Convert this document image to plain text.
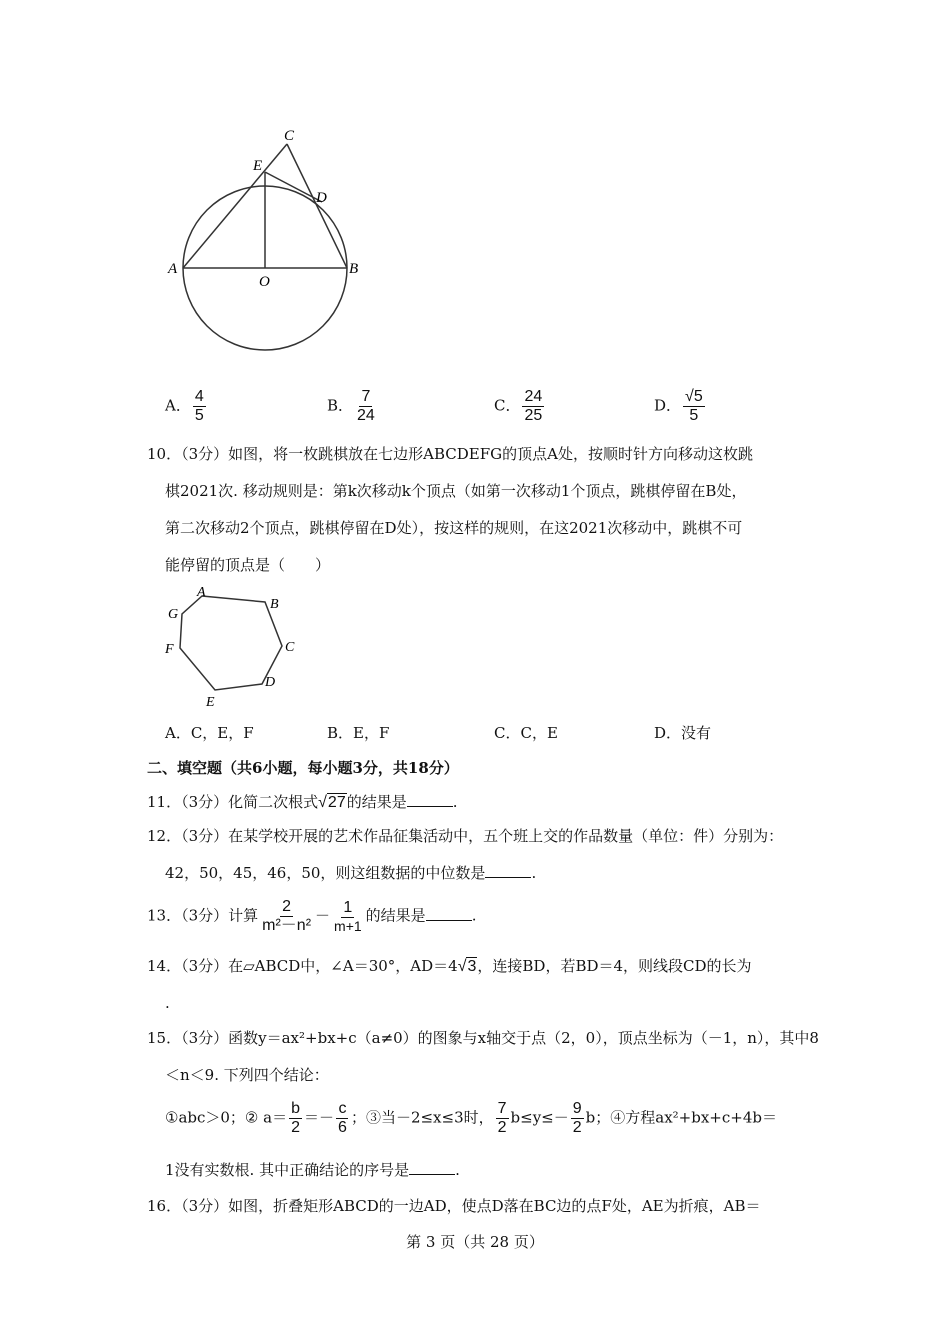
C
E
D
A
O
B
A． $\frac{4}{5}$	B． $\frac{7}{24}$	C． $\frac{24}{25}$	D． $\frac{√5}{5}$
10．（3分）如图，将一枚跳棋放在七边形ABCDEFG的顶点A处，按顺时针方向移动这枚跳
棋2021次. 移动规则是：第k次移动k个顶点（如第一次移动1个顶点，跳棋停留在B处，
第二次移动2个顶点，跳棋停留在D处），按这样的规则，在这2021次移动中，跳棋不可
能停留的顶点是（　　）
A
B
C
D
E
F
G
A．C，E，F	B．E，F	C．C，E	D．没有
二、填空题（共6小题，每小题3分，共18分）
11．（3分）化简二次根式√27的结果是	.
12．（3分）在某学校开展的艺术作品征集活动中，五个班上交的作品数量（单位：件）分别为：
42，50，45，46，50，则这组数据的中位数是	.
13．（3分）计算 $\frac{2}{\text{m²－n²}} - \frac{1}{m+1}$ 的结果是	.
14．（3分）在▱ABCD中，∠A＝30°，AD＝4√3，连接BD，若BD＝4，则线段CD的长为
.
15．（3分）函数y＝ax²+bx+c（a≠0）的图象与x轴交于点（2，0），顶点坐标为（－1，n），其中8
＜n＜9. 下列四个结论：
①abc＞0；② $a= \frac{b}{2} =- \frac{c}{6}$ ；③当－2≤x≤3时， $\frac{7}{2} b\le y\le- \frac{9}{2}$ b；④方程ax²+bx+c+4b＝
1没有实数根. 其中正确结论的序号是	.
16．（3分）如图，折叠矩形ABCD的一边AD，使点D落在BC边的点F处，AE为折痕，AB＝
第 3 页（共 28 页）
